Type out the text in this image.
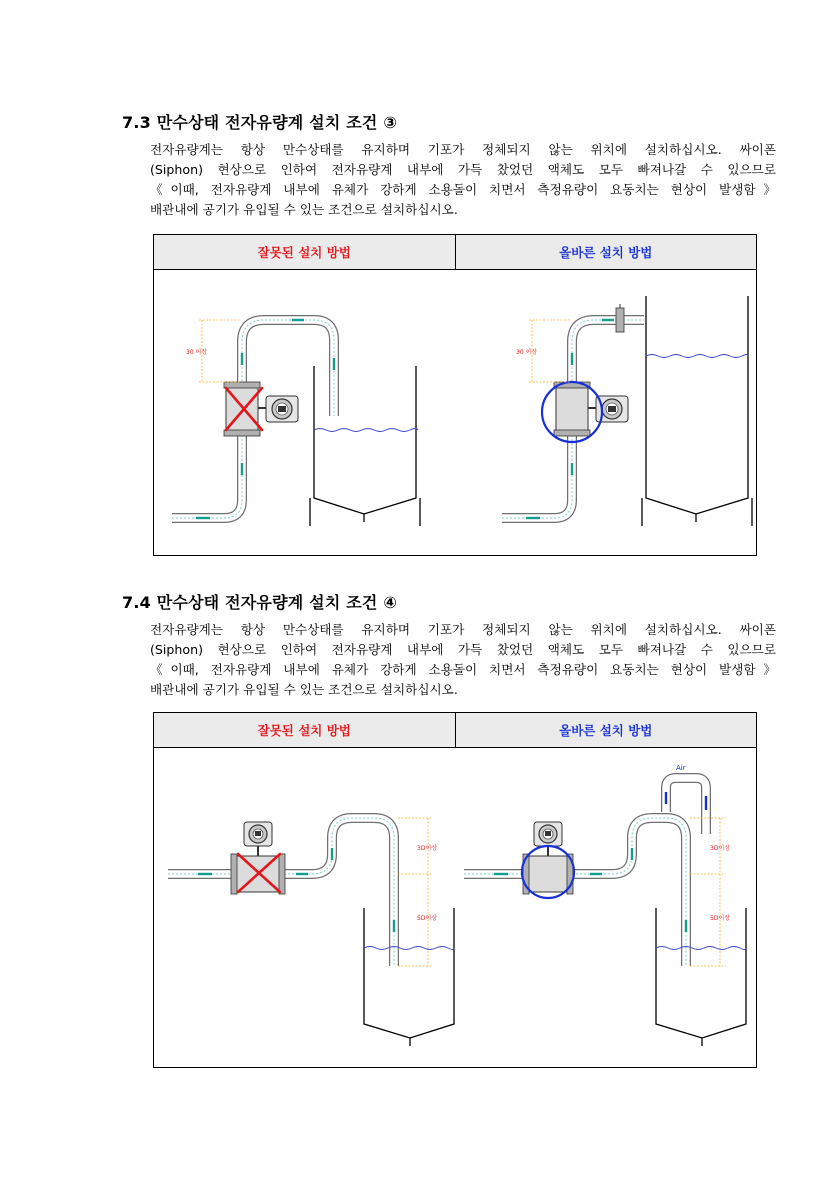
7.3 만수상태 전자유량계 설치 조건 ③

전자유량계는 항상 만수상태를 유지하며 기포가 정체되지 않는 위치에 설치하십시오. 싸이폰
(Siphon) 현상으로 인하여 전자유량계 내부에 가득 찼었던 액체도 모두 빠져나갈 수 있으므로
《이때, 전자유량계 내부에 유체가 강하게 소용돌이 치면서 측정유량이 요동치는 현상이 발생함》
배관내에 공기가 유입될 수 있는 조건으로 설치하십시오.

잘못된 설치 방법	올바른 설치 방법
30 이상	30 이상
7.4 만수상태 전자유량계 설치 조건 ④

전자유량계는 항상 만수상태를 유지하며 기포가 정체되지 않는 위치에 설치하십시오. 싸이폰
(Siphon) 현상으로 인하여 전자유량계 내부에 가득 찼었던 액체도 모두 빠져나갈 수 있으므로
《이때, 전자유량계 내부에 유체가 강하게 소용돌이 치면서 측정유량이 요동치는 현상이 발생함》
배관내에 공기가 유입될 수 있는 조건으로 설치하십시오.

잘못된 설치 방법	올바른 설치 방법
3D이상
5D이상
Air
3D이상
5D이상
